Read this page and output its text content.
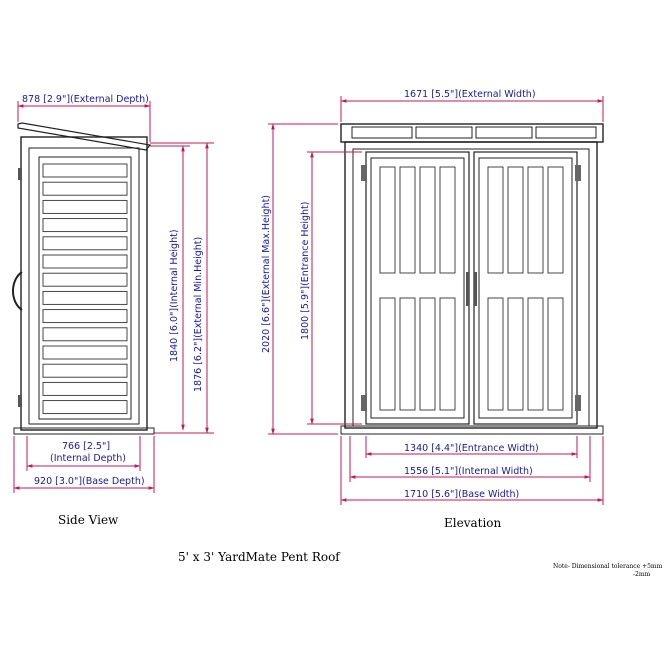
878 [2.9"](External Depth)
1840 [6.0"](Internal Height) 1876 [6.2"](External Min.Height)
766 [2.5"]
(Internal Depth)
920 [3.0"](Base Depth)
Side View
1671 [5.5"](External Width)
2020 [6.6"](External Max.Height)	1800 [5.9"](Entrance Height)
1340 [4.4"](Entrance Width)
1556 [5.1"](Internal Width)
1710 [5.6"](Base Width)
Elevation
5' x 3' YardMate Pent Roof
Note- Dimensional tolerance +5mm
-2mm
